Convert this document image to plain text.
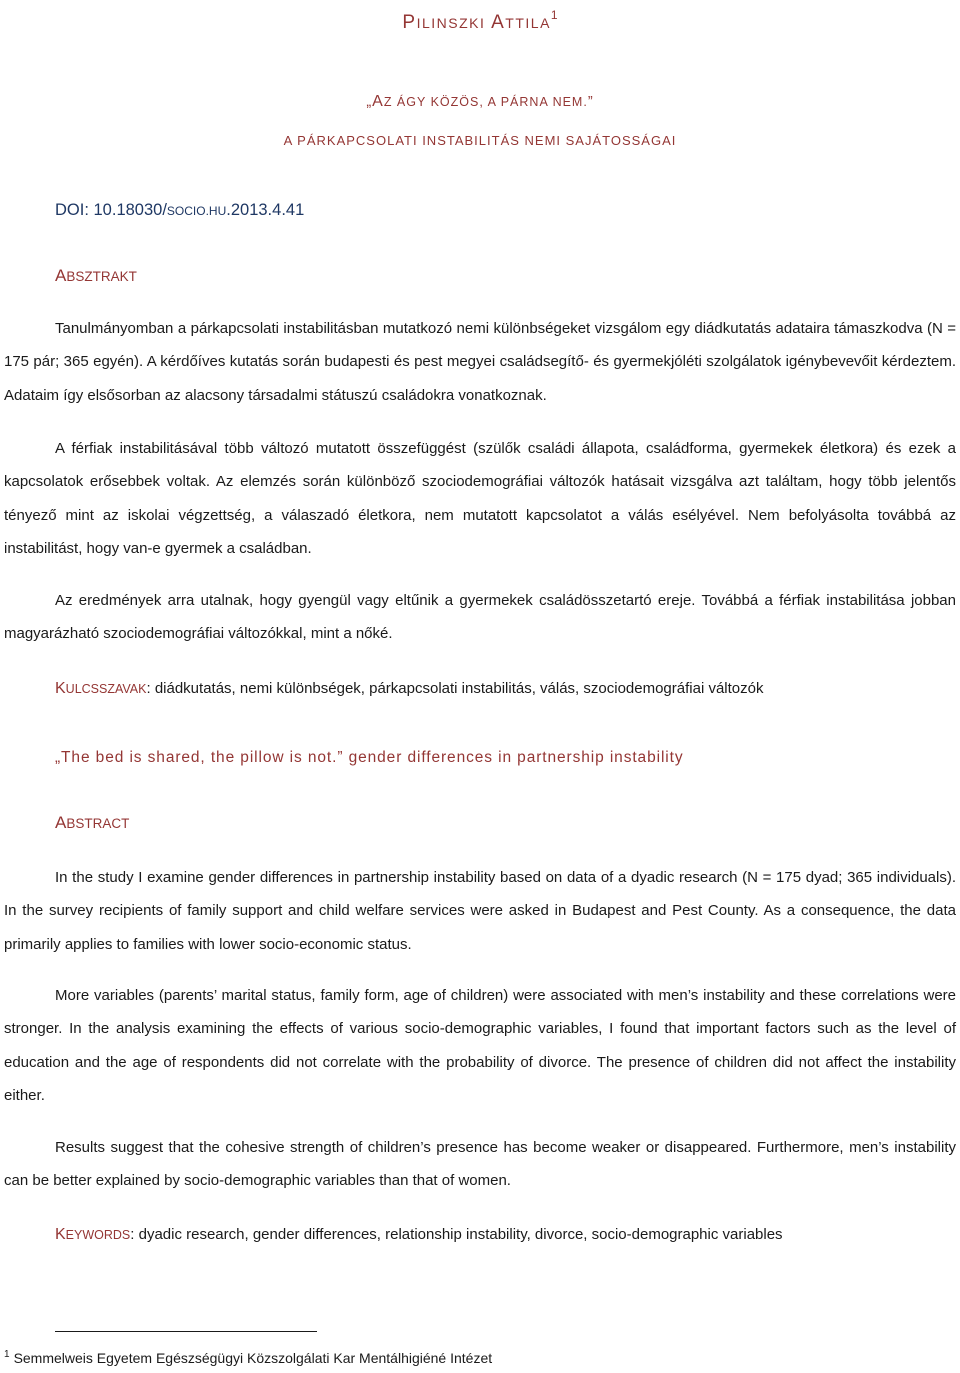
PILINSZKI ATTILA$^1$
„AZ ÁGY KÖZÖS, A PÁRNA NEM.”
A PÁRKAPCSOLATI INSTABILITÁS NEMI SAJÁTOSSÁGAI
DOI: 10.18030/SOCIO.HU.2013.4.41
ABSZTRAKT

Tanulmányomban a párkapcsolati instabilitásban mutatkozó nemi különbségeket vizsgálom egy diádkutatás adataira támaszkodva (N = 175 pár; 365 egyén). A kérdőíves kutatás során budapesti és pest megyei családsegítő- és gyermekjóléti szolgálatok igénybevevőit kérdeztem. Adataim így elsősorban az alacsony társadalmi státuszú családokra vonatkoznak.

A férfiak instabilitásával több változó mutatott összefüggést (szülők családi állapota, családforma, gyermekek életkora) és ezek a kapcsolatok erősebbek voltak. Az elemzés során különböző szociodemográfiai változók hatásait vizsgálva azt találtam, hogy több jelentős tényező mint az iskolai végzettség, a válaszadó életkora, nem mutatott kapcsolatot a válás esélyével. Nem befolyásolta továbbá az instabilitást, hogy van-e gyermek a családban.

Az eredmények arra utalnak, hogy gyengül vagy eltűnik a gyermekek családösszetartó ereje. Továbbá a férfiak instabilitása jobban magyarázható szociodemográfiai változókkal, mint a nőké.

KULCSSZAVAK: diádkutatás, nemi különbségek, párkapcsolati instabilitás, válás, szociodemográfiai változók
„The bed is shared, the pillow is not.” gender differences in partnership instability
ABSTRACT

In the study I examine gender differences in partnership instability based on data of a dyadic research (N = 175 dyad; 365 individuals). In the survey recipients of family support and child welfare services were asked in Budapest and Pest County. As a consequence, the data primarily applies to families with lower socio-economic status.

More variables (parents’ marital status, family form, age of children) were associated with men’s instability and these correlations were stronger. In the analysis examining the effects of various socio-demographic variables, I found that important factors such as the level of education and the age of respondents did not correlate with the probability of divorce. The presence of children did not affect the instability either.

Results suggest that the cohesive strength of children’s presence has become weaker or disappeared. Furthermore, men’s instability can be better explained by socio-demographic variables than that of women.

KEYWORDS: dyadic research, gender differences, relationship instability, divorce, socio-demographic variables
$^1$ Semmelweis Egyetem Egészségügyi Közszolgálati Kar Mentálhigiéné Intézet
